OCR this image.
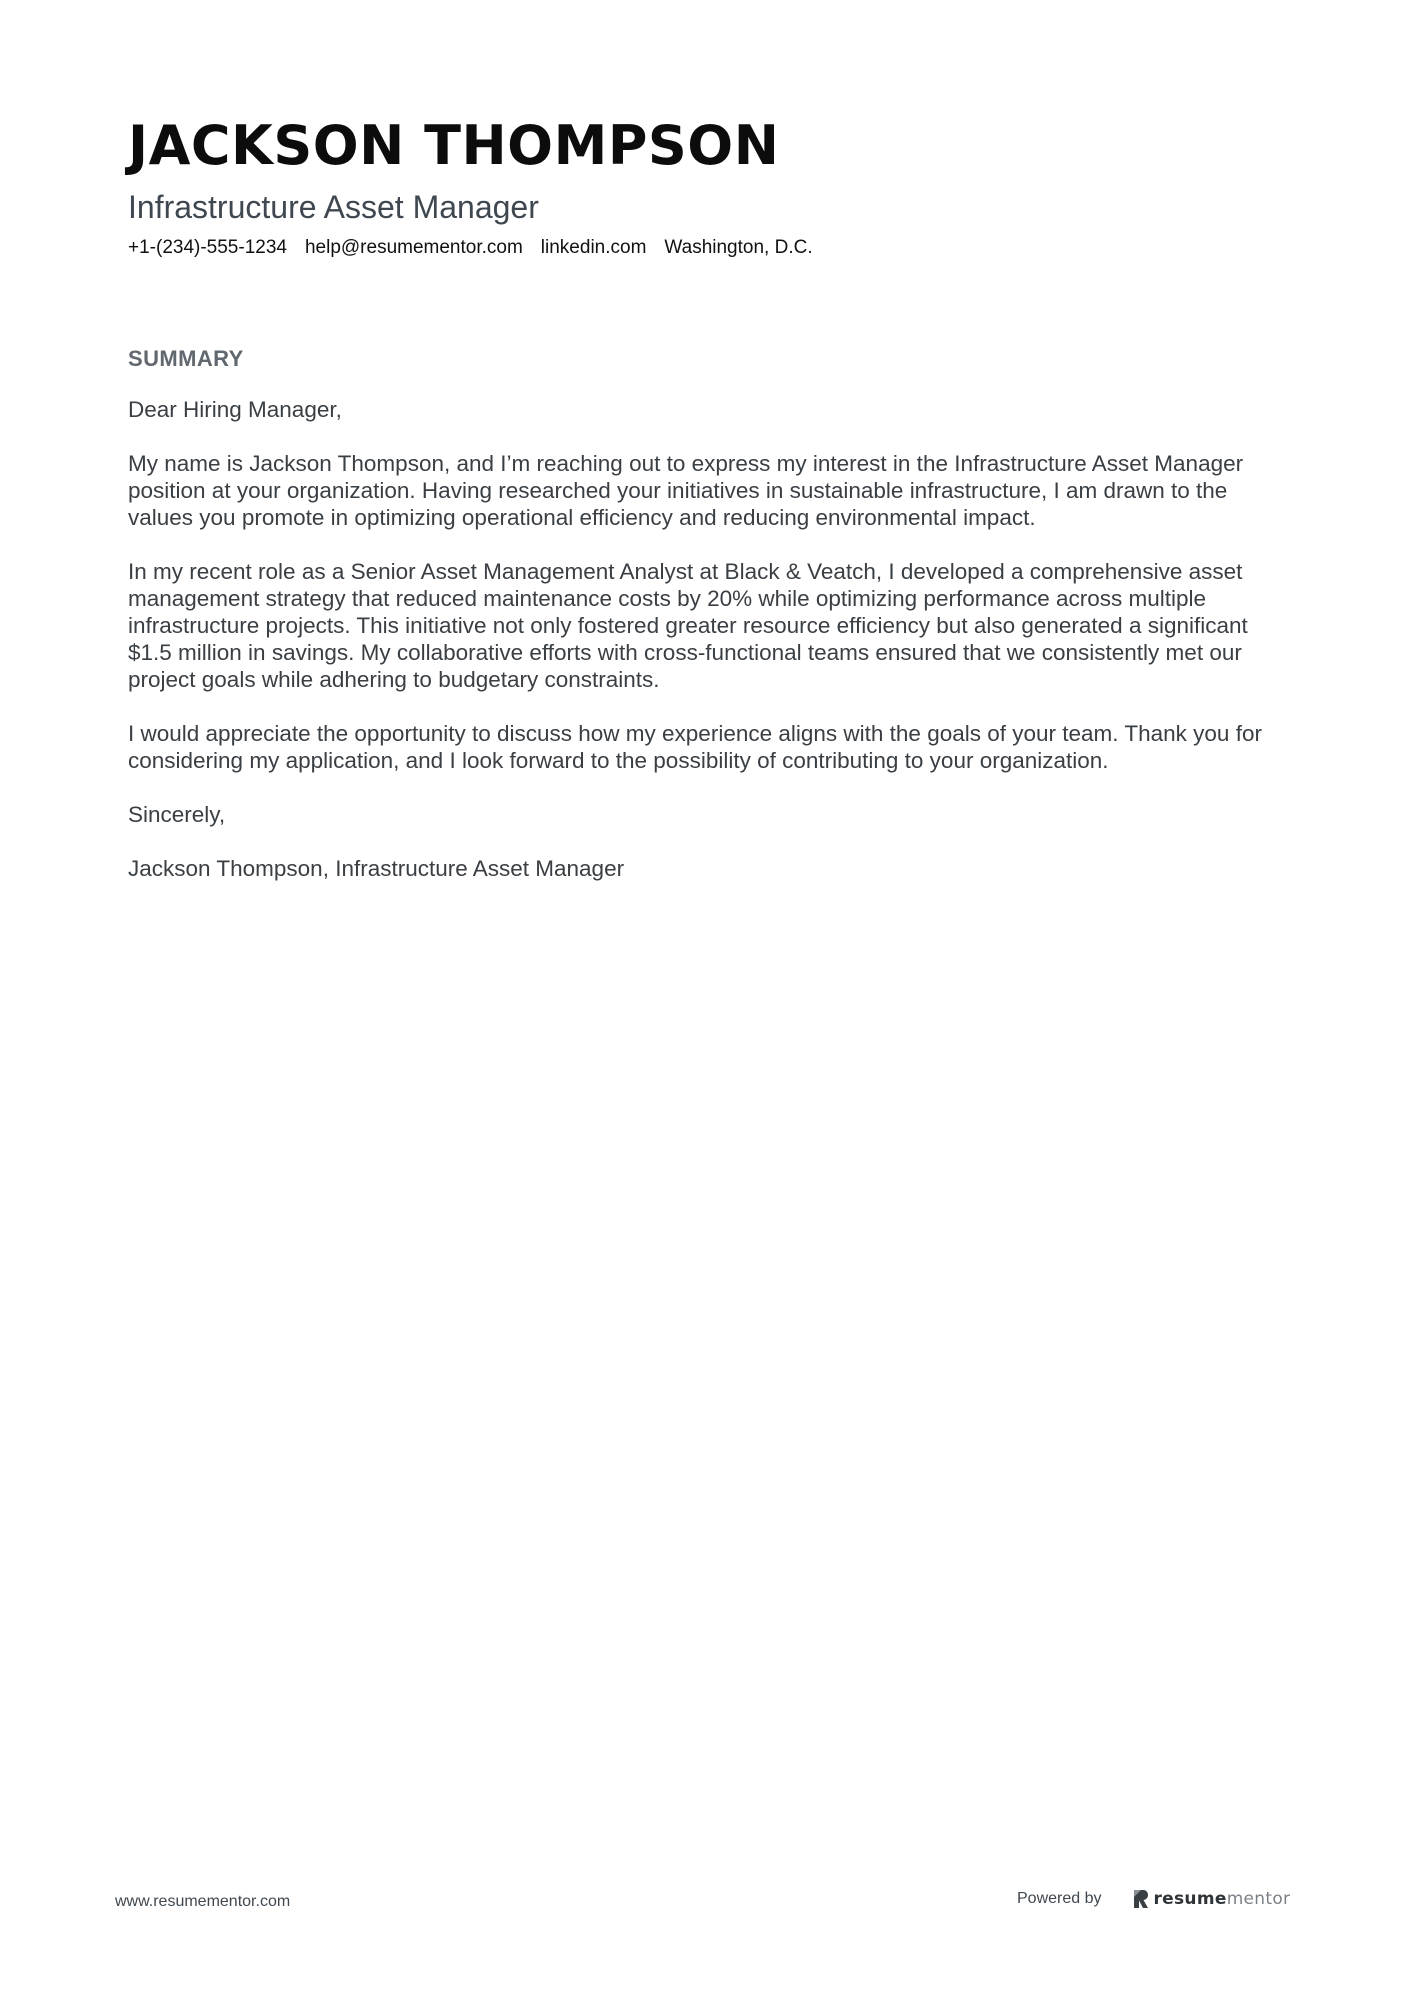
JACKSON THOMPSON
Infrastructure Asset Manager
+1-(234)-555-1234 help@resumementor.com linkedin.com Washington, D.C.
SUMMARY

Dear Hiring Manager,

My name is Jackson Thompson, and I’m reaching out to express my interest in the Infrastructure Asset Manager position at your organization. Having researched your initiatives in sustainable infrastructure, I am drawn to the values you promote in optimizing operational efficiency and reducing environmental impact.

In my recent role as a Senior Asset Management Analyst at Black & Veatch, I developed a comprehensive asset management strategy that reduced maintenance costs by 20% while optimizing performance across multiple infrastructure projects. This initiative not only fostered greater resource efficiency but also generated a significant $1.5 million in savings. My collaborative efforts with cross-functional teams ensured that we consistently met our project goals while adhering to budgetary constraints.

I would appreciate the opportunity to discuss how my experience aligns with the goals of your team. Thank you for considering my application, and I look forward to the possibility of contributing to your organization.

Sincerely,

Jackson Thompson, Infrastructure Asset Manager

www.resumementor.com	Powered by	resumementor
